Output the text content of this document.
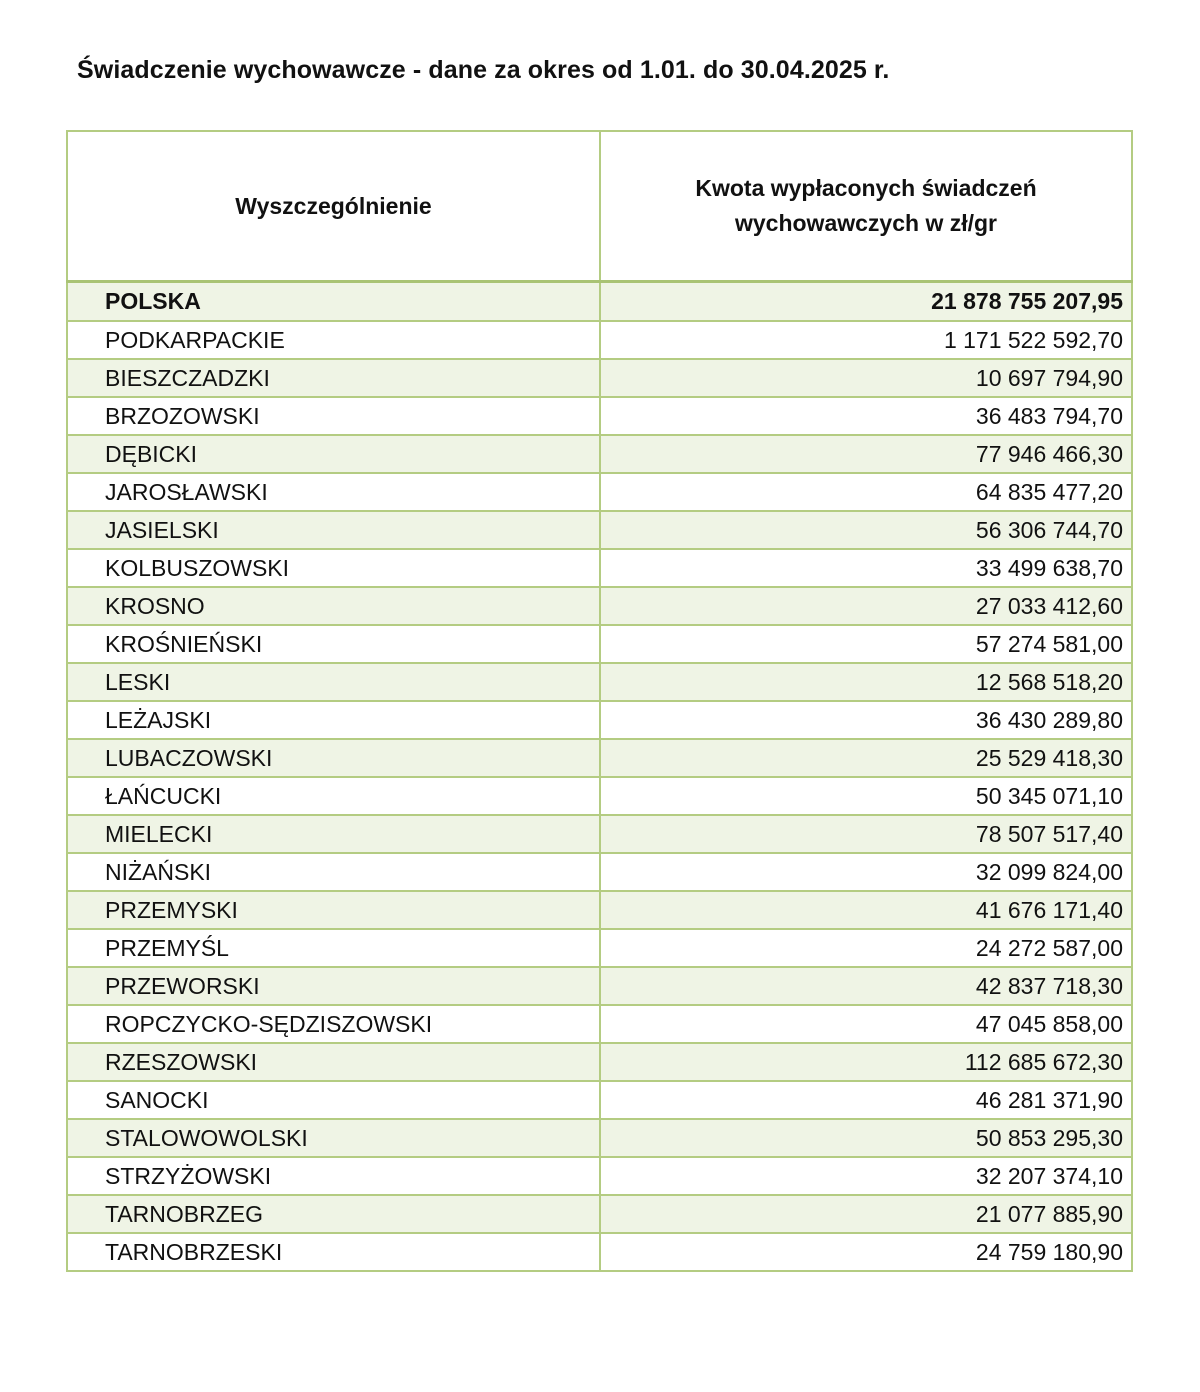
Świadczenie wychowawcze - dane za okres od 1.01. do 30.04.2025 r.
Wyszczególnienie	Kwota wypłaconych świadczeń wychowawczych w zł/gr
POLSKA	21 878 755 207,95
PODKARPACKIE	1 171 522 592,70
BIESZCZADZKI	10 697 794,90
BRZOZOWSKI	36 483 794,70
DĘBICKI	77 946 466,30
JAROSŁAWSKI	64 835 477,20
JASIELSKI	56 306 744,70
KOLBUSZOWSKI	33 499 638,70
KROSNO	27 033 412,60
KROŚNIEŃSKI	57 274 581,00
LESKI	12 568 518,20
LEŻAJSKI	36 430 289,80
LUBACZOWSKI	25 529 418,30
ŁAŃCUCKI	50 345 071,10
MIELECKI	78 507 517,40
NIŻAŃSKI	32 099 824,00
PRZEMYSKI	41 676 171,40
PRZEMYŚL	24 272 587,00
PRZEWORSKI	42 837 718,30
ROPCZYCKO-SĘDZISZOWSKI	47 045 858,00
RZESZOWSKI	112 685 672,30
SANOCKI	46 281 371,90
STALOWOWOLSKI	50 853 295,30
STRZYŻOWSKI	32 207 374,10
TARNOBRZEG	21 077 885,90
TARNOBRZESKI	24 759 180,90
